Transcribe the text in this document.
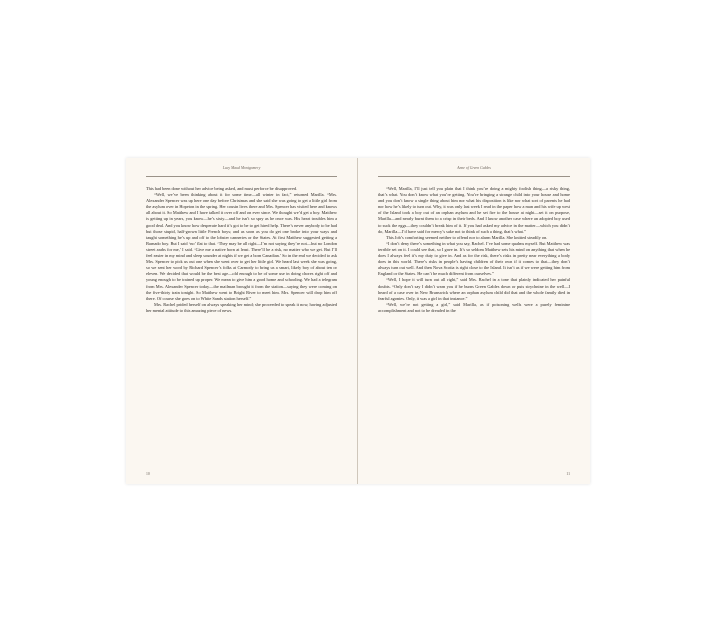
Lucy Maud Montgomery

This had been done without her advice being asked, and must perforce be disapproved.

“Well, we’ve been thinking about it for some time—all winter in fact,” returned Marilla. “Mrs. Alexander Spencer was up here one day before Christmas and she said she was going to get a little girl from the asylum over in Hopeton in the spring. Her cousin lives there and Mrs. Spencer has visited here and knows all about it. So Matthew and I have talked it over off and on ever since. We thought we’d get a boy. Matthew is getting up in years, you know—he’s sixty—and he isn’t so spry as he once was. His heart troubles him a good deal. And you know how desperate hard it’s got to be to get hired help. There’s never anybody to be had but those stupid, half-grown little French boys; and as soon as you do get one broke into your ways and taught something he’s up and off to the lobster canneries or the States. At first Matthew suggested getting a Barnado boy. But I said ‘no’ flat to that. ‘They may be all right—I’m not saying they’re not—but no London street arabs for me,’ I said. ‘Give me a native born at least. There’ll be a risk, no matter who we get. But I’ll feel easier in my mind and sleep sounder at nights if we get a born Canadian.’ So in the end we decided to ask Mrs. Spencer to pick us out one when she went over to get her little girl. We heard last week she was going, so we sent her word by Richard Spencer’s folks at Carmody to bring us a smart, likely boy of about ten or eleven. We decided that would be the best age—old enough to be of some use in doing chores right off and young enough to be trained up proper. We mean to give him a good home and schooling. We had a telegram from Mrs. Alexander Spencer today—the mailman brought it from the station—saying they were coming on the five-thirty train tonight. So Matthew went to Bright River to meet him. Mrs. Spencer will drop him off there. Of course she goes on to White Sands station herself.”

Mrs. Rachel prided herself on always speaking her mind; she proceeded to speak it now, having adjusted her mental attitude to this amazing piece of news.

10
Anne of Green Gables

“Well, Marilla, I’ll just tell you plain that I think you’re doing a mighty foolish thing—a risky thing, that’s what. You don’t know what you’re getting. You’re bringing a strange child into your house and home and you don’t know a single thing about him nor what his disposition is like nor what sort of parents he had nor how he’s likely to turn out. Why, it was only last week I read in the paper how a man and his wife up west of the Island took a boy out of an orphan asylum and he set fire to the house at night—set it on purpose, Marilla—and nearly burnt them to a crisp in their beds. And I know another case where an adopted boy used to suck the eggs—they couldn’t break him of it. If you had asked my advice in the matter—which you didn’t do, Marilla—I’d have said for mercy’s sake not to think of such a thing, that’s what.”

This Job’s comforting seemed neither to offend nor to alarm Marilla. She knitted steadily on.

“I don’t deny there’s something in what you say, Rachel. I’ve had some qualms myself. But Matthew was terrible set on it. I could see that, so I gave in. It’s so seldom Matthew sets his mind on anything that when he does I always feel it’s my duty to give in. And as for the risk, there’s risks in pretty near everything a body does in this world. There’s risks in people’s having children of their own if it comes to that—they don’t always turn out well. And then Nova Scotia is right close to the Island. It isn’t as if we were getting him from England or the States. He can’t be much different from ourselves.”

“Well, I hope it will turn out all right,” said Mrs. Rachel in a tone that plainly indicated her painful doubts. “Only don’t say I didn’t warn you if he burns Green Gables down or puts strychnine in the well—I heard of a case over in New Brunswick where an orphan asylum child did that and the whole family died in fearful agonies. Only, it was a girl in that instance.”

“Well, we’re not getting a girl,” said Marilla, as if poisoning wells were a purely feminine accomplishment and not to be dreaded in the

11
